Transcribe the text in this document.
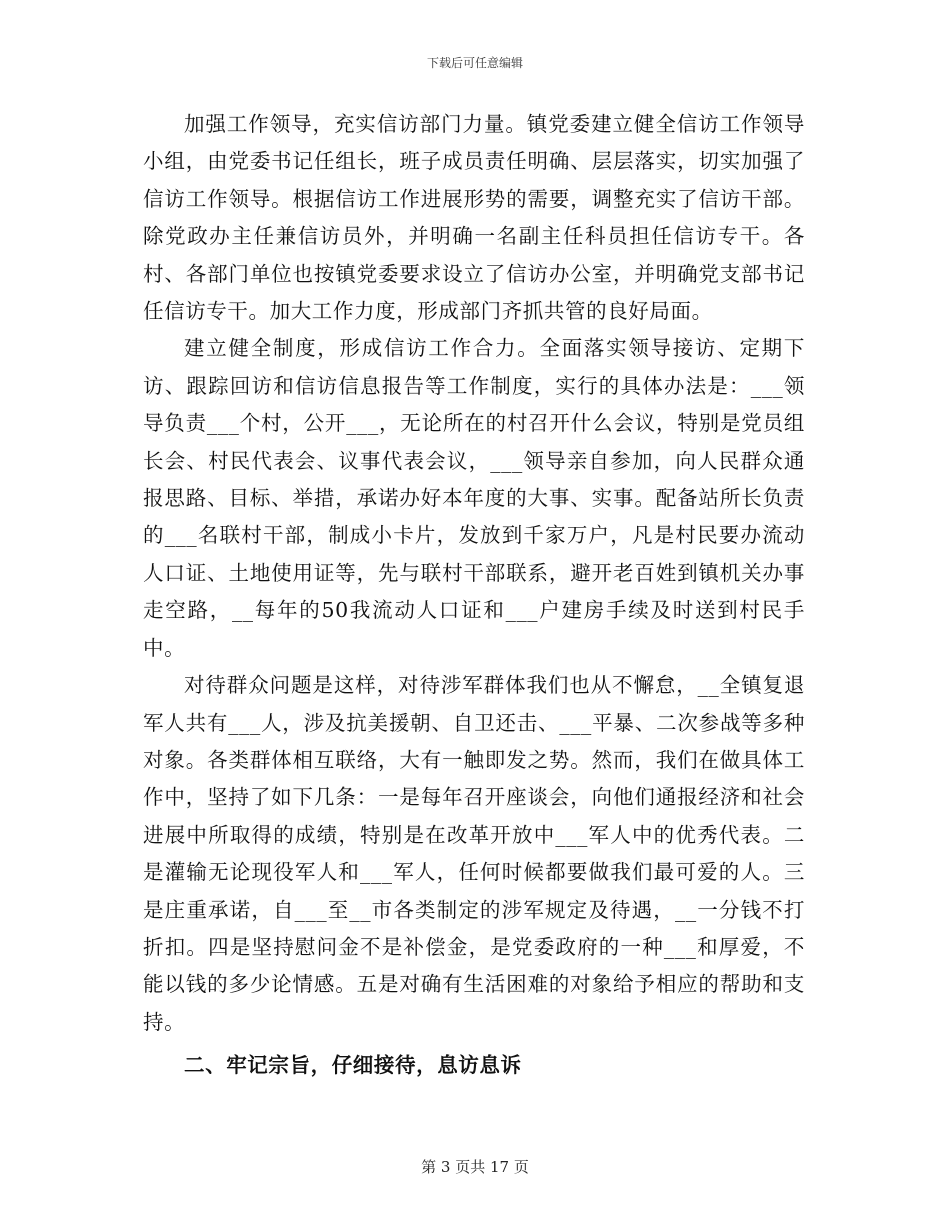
下载后可任意编辑

加强工作领导，充实信访部门力量。镇党委建立健全信访工作领导小组，由党委书记任组长，班子成员责任明确、层层落实，切实加强了信访工作领导。根据信访工作进展形势的需要，调整充实了信访干部。除党政办主任兼信访员外，并明确一名副主任科员担任信访专干。各村、各部门单位也按镇党委要求设立了信访办公室，并明确党支部书记任信访专干。加大工作力度，形成部门齐抓共管的良好局面。

建立健全制度，形成信访工作合力。全面落实领导接访、定期下访、跟踪回访和信访信息报告等工作制度，实行的具体办法是：___领导负责___个村，公开___，无论所在的村召开什么会议，特别是党员组长会、村民代表会、议事代表会议，___领导亲自参加，向人民群众通报思路、目标、举措，承诺办好本年度的大事、实事。配备站所长负责的___名联村干部，制成小卡片，发放到千家万户，凡是村民要办流动人口证、土地使用证等，先与联村干部联系，避开老百姓到镇机关办事走空路，__每年的50我流动人口证和___户建房手续及时送到村民手中。

对待群众问题是这样，对待涉军群体我们也从不懈怠，__全镇复退军人共有___人，涉及抗美援朝、自卫还击、___平暴、二次参战等多种对象。各类群体相互联络，大有一触即发之势。然而，我们在做具体工作中，坚持了如下几条：一是每年召开座谈会，向他们通报经济和社会进展中所取得的成绩，特别是在改革开放中___军人中的优秀代表。二是灌输无论现役军人和___军人，任何时候都要做我们最可爱的人。三是庄重承诺，自___至__市各类制定的涉军规定及待遇，__一分钱不打折扣。四是坚持慰问金不是补偿金，是党委政府的一种___和厚爱，不能以钱的多少论情感。五是对确有生活困难的对象给予相应的帮助和支持。

二、牢记宗旨，仔细接待，息访息诉

第 3 页共 17 页
